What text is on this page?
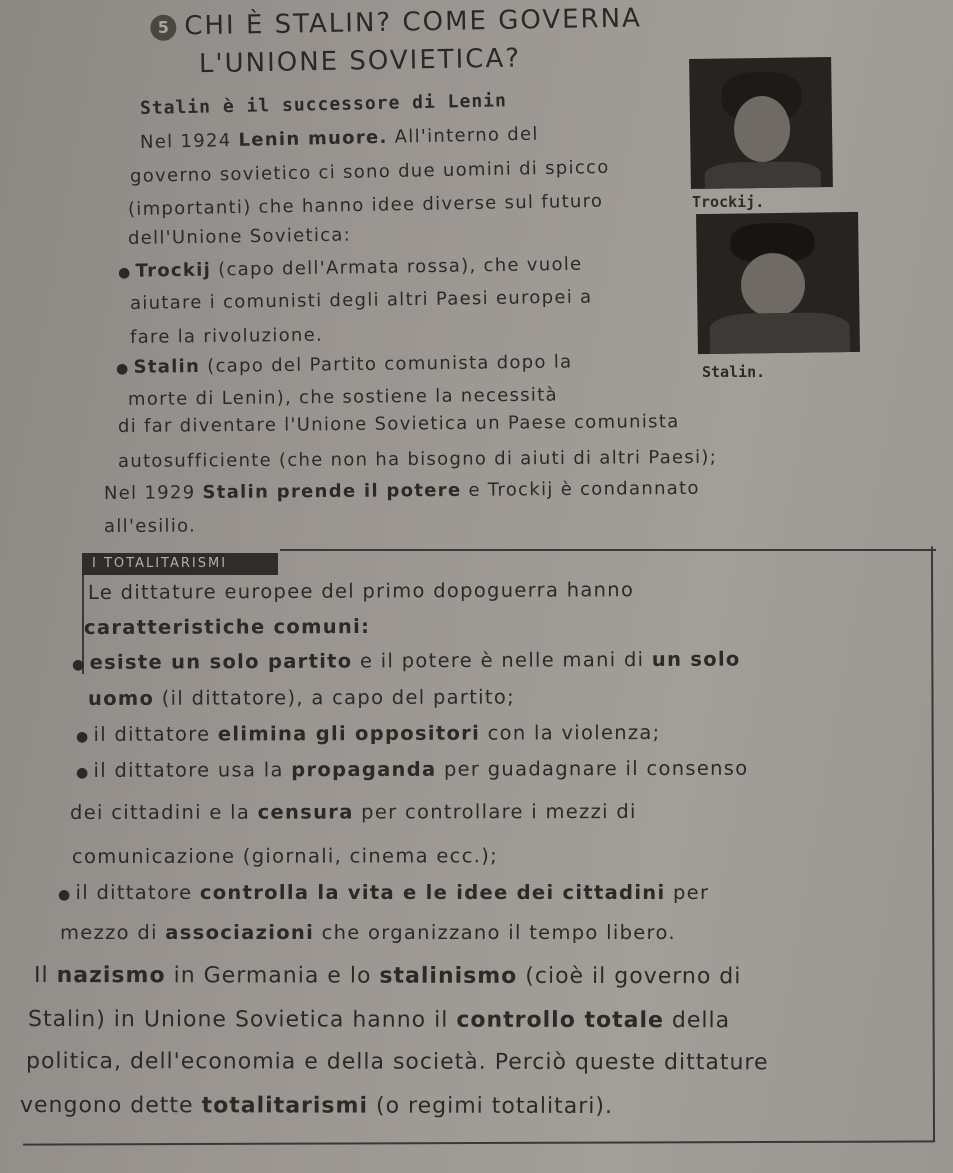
5 CHI È STALIN? COME GOVERNA
L'UNIONE SOVIETICA?
Stalin è il successore di Lenin
Nel 1924 Lenin muore. All'interno del
governo sovietico ci sono due uomini di spicco
(importanti) che hanno idee diverse sul futuro
dell'Unione Sovietica:
● Trockij (capo dell'Armata rossa), che vuole
aiutare i comunisti degli altri Paesi europei a
fare la rivoluzione.
● Stalin (capo del Partito comunista dopo la
morte di Lenin), che sostiene la necessità
di far diventare l'Unione Sovietica un Paese comunista
autosufficiente (che non ha bisogno di aiuti di altri Paesi);
Nel 1929 Stalin prende il potere e Trockij è condannato
all'esilio.
Trockij.
Stalin.
I TOTALITARISMI
Le dittature europee del primo dopoguerra hanno
caratteristiche comuni:
● esiste un solo partito e il potere è nelle mani di un solo
uomo (il dittatore), a capo del partito;
● il dittatore elimina gli oppositori con la violenza;
● il dittatore usa la propaganda per guadagnare il consenso
dei cittadini e la censura per controllare i mezzi di
comunicazione (giornali, cinema ecc.);
● il dittatore controlla la vita e le idee dei cittadini per
mezzo di associazioni che organizzano il tempo libero.
Il nazismo in Germania e lo stalinismo (cioè il governo di
Stalin) in Unione Sovietica hanno il controllo totale della
politica, dell'economia e della società. Perciò queste dittature
vengono dette totalitarismi (o regimi totalitari).
